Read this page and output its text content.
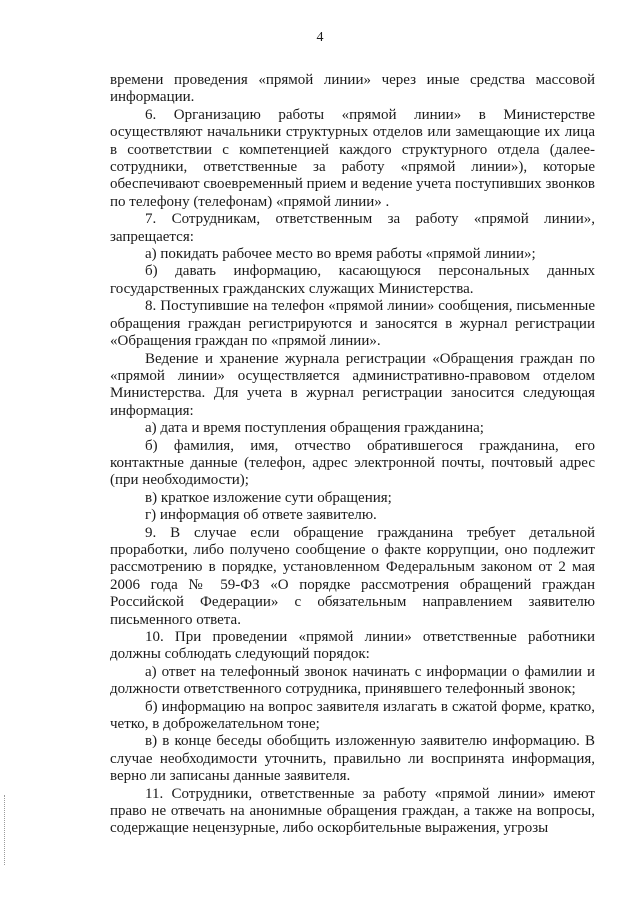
4

времени проведения «прямой линии» через иные средства массовой информации.

6. Организацию работы «прямой линии» в Министерстве осуществляют начальники структурных отделов или замещающие их лица в соответствии с компетенцией каждого структурного отдела (далее-сотрудники, ответственные за работу «прямой линии»), которые обеспечивают своевременный прием и ведение учета поступивших звонков по телефону (телефонам) «прямой линии» .

7. Сотрудникам, ответственным за работу «прямой линии», запрещается:

а) покидать рабочее место во время работы «прямой линии»;

б) давать информацию, касающуюся персональных данных государственных гражданских служащих Министерства.

8. Поступившие на телефон «прямой линии» сообщения, письменные обращения граждан регистрируются и заносятся в журнал регистрации «Обращения граждан по «прямой линии».

Ведение и хранение журнала регистрации «Обращения граждан по «прямой линии» осуществляется административно-правовом отделом Министерства. Для учета в журнал регистрации заносится следующая информация:

а) дата и время поступления обращения гражданина;

б) фамилия, имя, отчество обратившегося гражданина, его контактные данные (телефон, адрес электронной почты, почтовый адрес (при необходимости);

в) краткое изложение сути обращения;

г) информация об ответе заявителю.

9. В случае если обращение гражданина требует детальной проработки, либо получено сообщение о факте коррупции, оно подлежит рассмотрению в порядке, установленном Федеральным законом от 2 мая 2006 года № 59-ФЗ «О порядке рассмотрения обращений граждан Российской Федерации» с обязательным направлением заявителю письменного ответа.

10. При проведении «прямой линии» ответственные работники должны соблюдать следующий порядок:

а) ответ на телефонный звонок начинать с информации о фамилии и должности ответственного сотрудника, принявшего телефонный звонок;

б) информацию на вопрос заявителя излагать в сжатой форме, кратко, четко, в доброжелательном тоне;

в) в конце беседы обобщить изложенную заявителю информацию. В случае необходимости уточнить, правильно ли воспринята информация, верно ли записаны данные заявителя.

11. Сотрудники, ответственные за работу «прямой линии» имеют право не отвечать на анонимные обращения граждан, а также на вопросы, содержащие нецензурные, либо оскорбительные выражения, угрозы
